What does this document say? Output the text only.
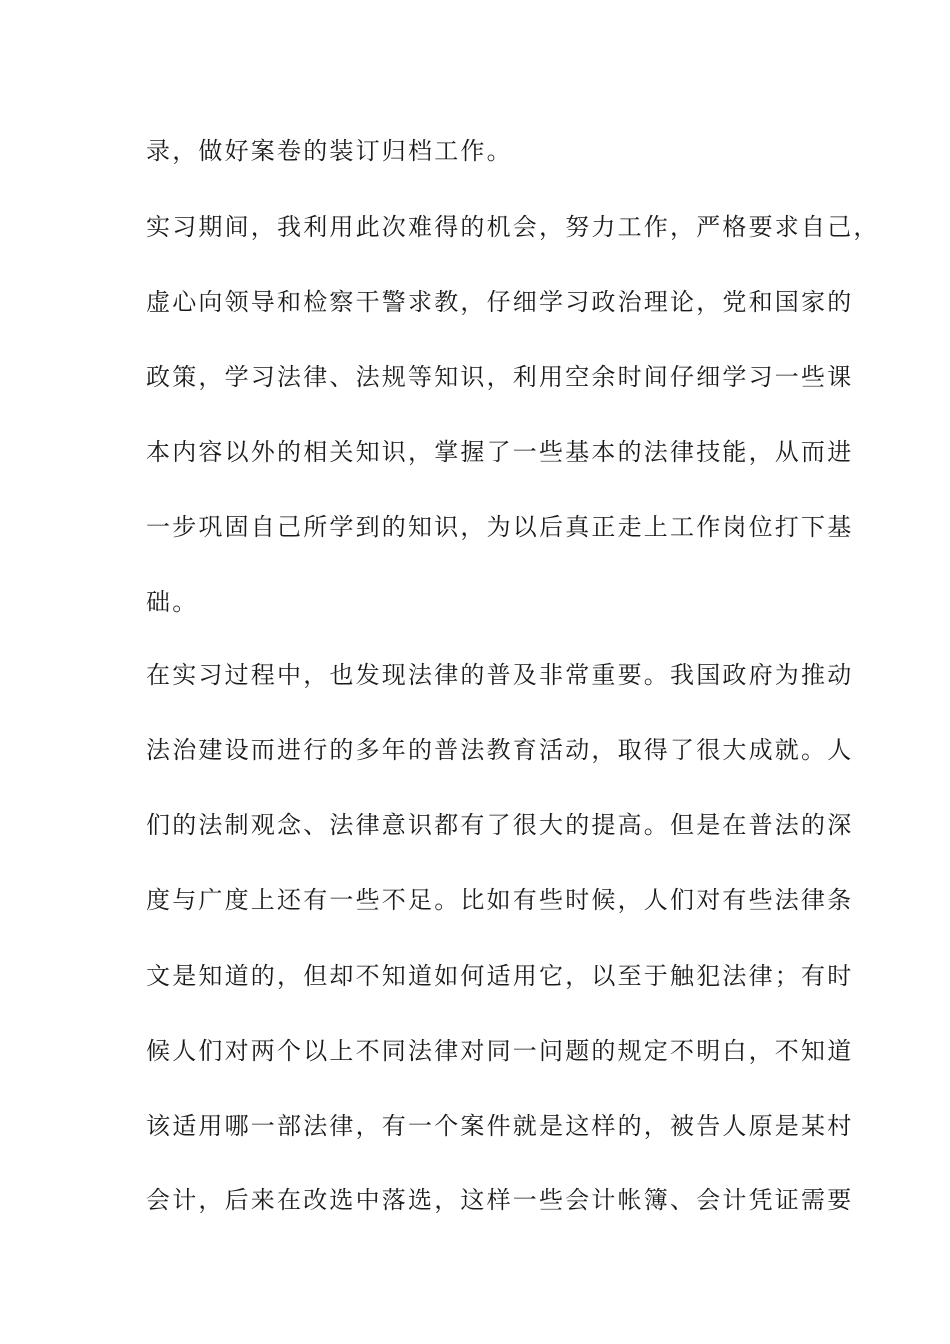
录，做好案卷的装订归档工作。
实习期间，我利用此次难得的机会，努力工作，严格要求自己，
虚心向领导和检察干警求教，仔细学习政治理论，党和国家的
政策，学习法律、法规等知识，利用空余时间仔细学习一些课
本内容以外的相关知识，掌握了一些基本的法律技能，从而进
一步巩固自己所学到的知识，为以后真正走上工作岗位打下基
础。
在实习过程中，也发现法律的普及非常重要。我国政府为推动
法治建设而进行的多年的普法教育活动，取得了很大成就。人
们的法制观念、法律意识都有了很大的提高。但是在普法的深
度与广度上还有一些不足。比如有些时候，人们对有些法律条
文是知道的，但却不知道如何适用它，以至于触犯法律；有时
候人们对两个以上不同法律对同一问题的规定不明白，不知道
该适用哪一部法律，有一个案件就是这样的，被告人原是某村
会计，后来在改选中落选，这样一些会计帐簿、会计凭证需要
